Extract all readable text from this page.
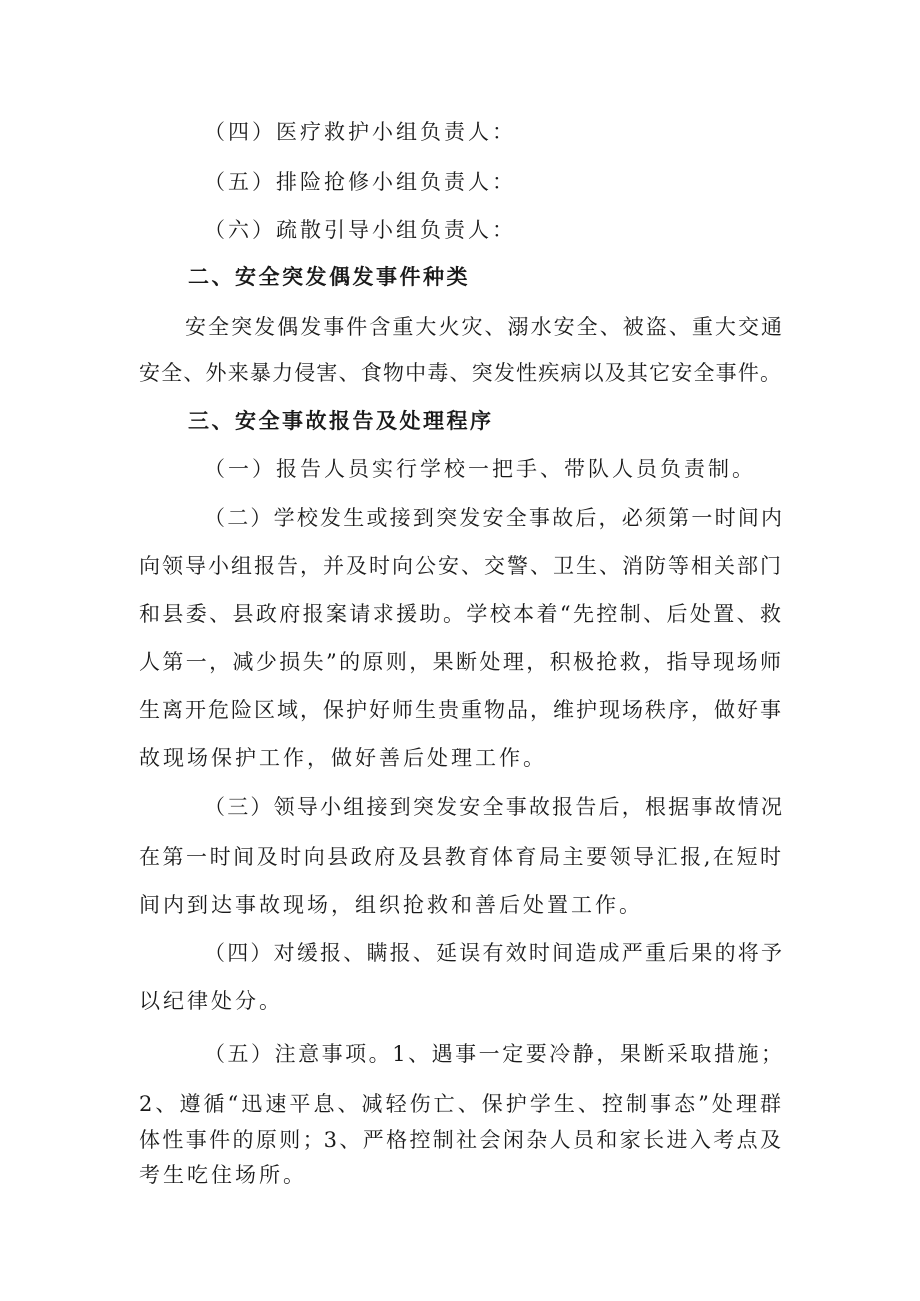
（四）医疗救护小组负责人：
（五）排险抢修小组负责人：
（六）疏散引导小组负责人：
二、安全突发偶发事件种类
安全突发偶发事件含重大火灾、溺水安全、被盗、重大交通
安全、外来暴力侵害、食物中毒、突发性疾病以及其它安全事件。
三、安全事故报告及处理程序
（一）报告人员实行学校一把手、带队人员负责制。
（二）学校发生或接到突发安全事故后，必须第一时间内
向领导小组报告，并及时向公安、交警、卫生、消防等相关部门
和县委、县政府报案请求援助。学校本着“先控制、后处置、救
人第一，减少损失”的原则，果断处理，积极抢救，指导现场师
生离开危险区域，保护好师生贵重物品，维护现场秩序，做好事
故现场保护工作，做好善后处理工作。
（三）领导小组接到突发安全事故报告后，根据事故情况
在第一时间及时向县政府及县教育体育局主要领导汇报,在短时
间内到达事故现场，组织抢救和善后处置工作。
（四）对缓报、瞒报、延误有效时间造成严重后果的将予
以纪律处分。
（五）注意事项。1、遇事一定要冷静，果断采取措施；
2、遵循“迅速平息、减轻伤亡、保护学生、控制事态”处理群
体性事件的原则；3、严格控制社会闲杂人员和家长进入考点及
考生吃住场所。
